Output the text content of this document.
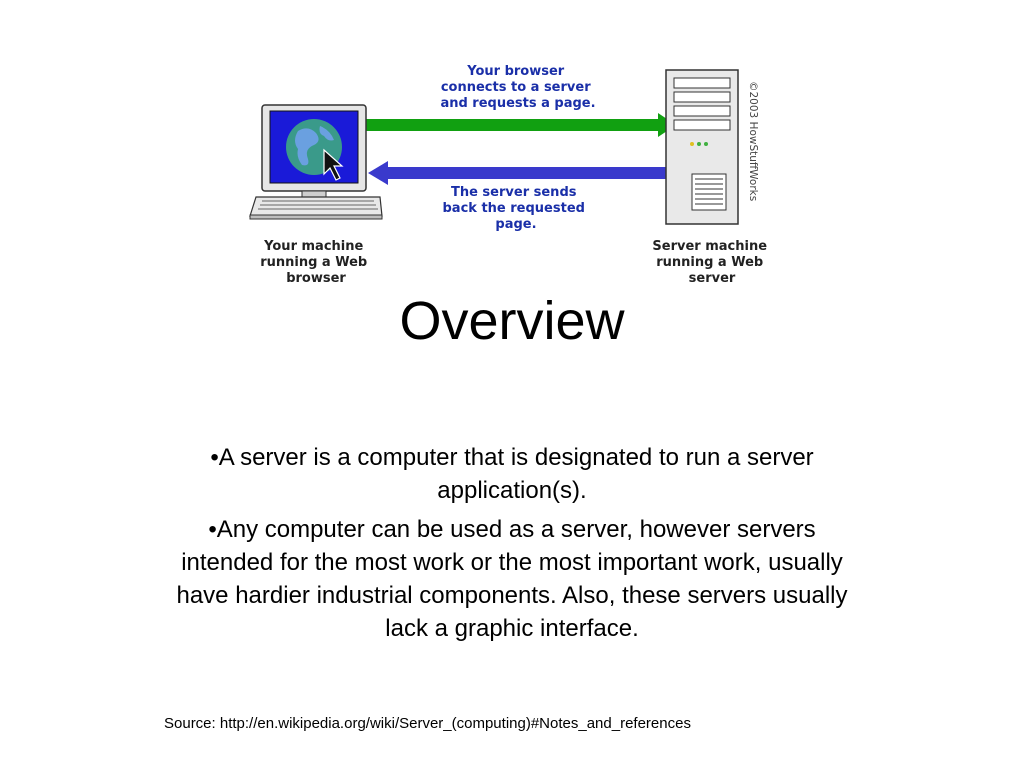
Your browser connects to a server and requests a page.
The server sends back the requested page.
©2003 HowStuffWorks
Your machine running a Web browser
Server machine running a Web server
Overview

•A server is a computer that is designated to run a server application(s).

•Any computer can be used as a server, however servers intended for the most work or the most important work, usually have hardier industrial components. Also, these servers usually lack a graphic interface.

Source: http://en.wikipedia.org/wiki/Server_(computing)#Notes_and_references
